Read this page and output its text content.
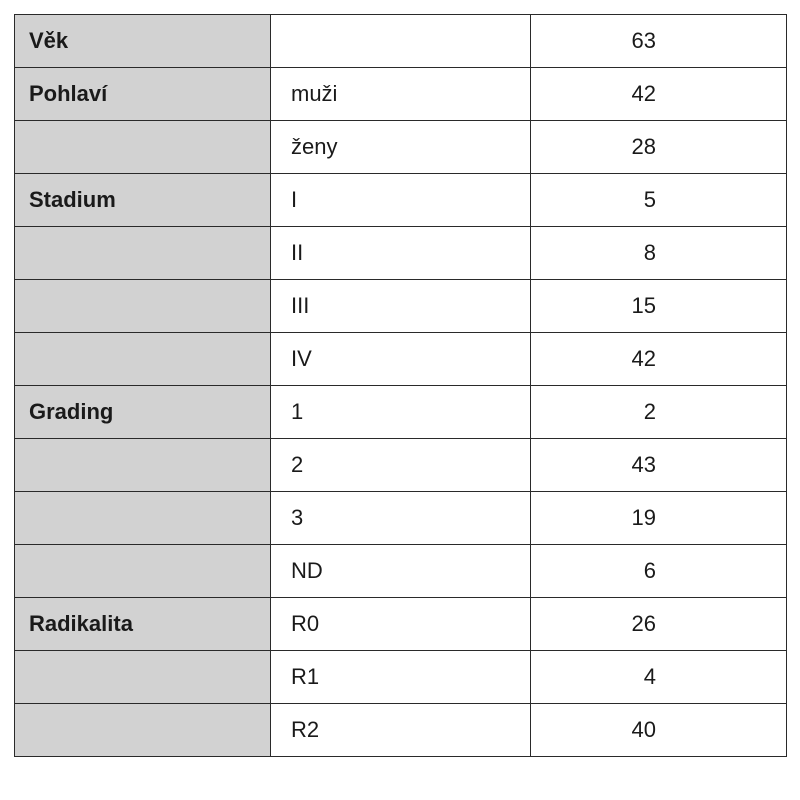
Věk		63
Pohlaví	muži	42
	ženy	28
Stadium	I	5
	II	8
	III	15
	IV	42
Grading	1	2
	2	43
	3	19
	ND	6
Radikalita	R0	26
	R1	4
	R2	40
